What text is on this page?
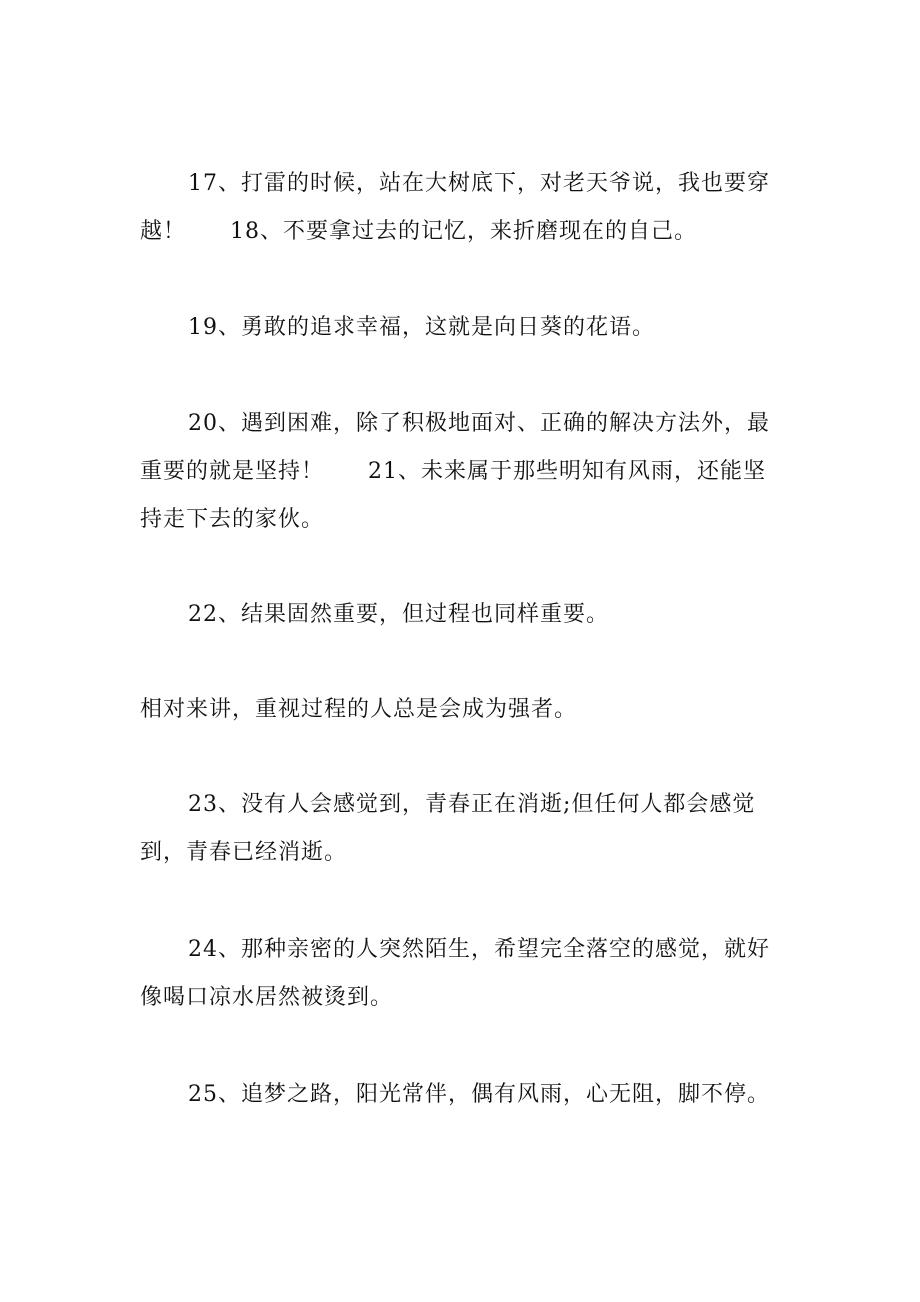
17、打雷的时候，站在大树底下，对老天爷说，我也要穿越！ 18、不要拿过去的记忆，来折磨现在的自己。

19、勇敢的追求幸福，这就是向日葵的花语。

20、遇到困难，除了积极地面对、正确的解决方法外，最重要的就是坚持！ 21、未来属于那些明知有风雨，还能坚持走下去的家伙。

22、结果固然重要，但过程也同样重要。

相对来讲，重视过程的人总是会成为强者。

23、没有人会感觉到，青春正在消逝;但任何人都会感觉到，青春已经消逝。

24、那种亲密的人突然陌生，希望完全落空的感觉，就好像喝口凉水居然被烫到。

25、追梦之路，阳光常伴，偶有风雨，心无阻，脚不停。
